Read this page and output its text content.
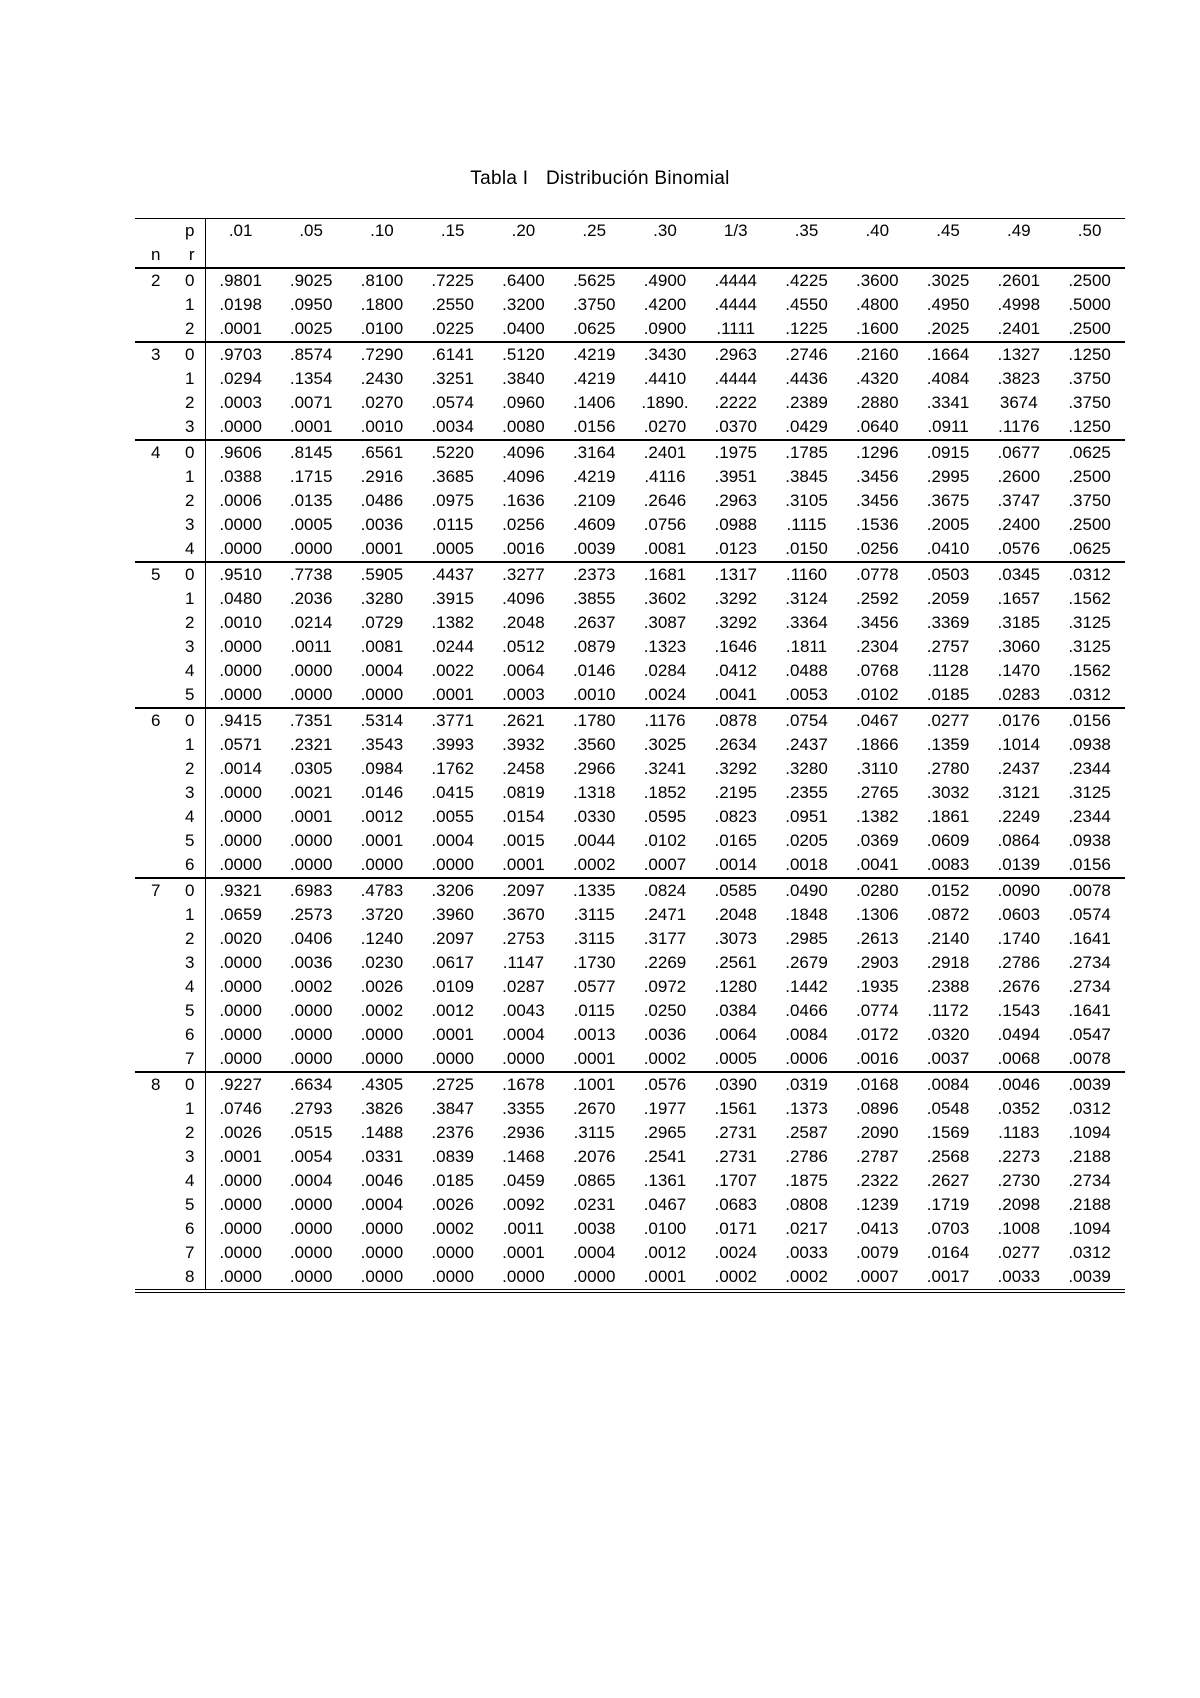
Tabla I Distribución Binomial
	p	.01	.05	.10	.15	.20	.25	.30	1/3	.35	.40	.45	.49	.50
n	r													
2	0	.9801	.9025	.8100	.7225	.6400	.5625	.4900	.4444	.4225	.3600	.3025	.2601	.2500
	1	.0198	.0950	.1800	.2550	.3200	.3750	.4200	.4444	.4550	.4800	.4950	.4998	.5000
	2	.0001	.0025	.0100	.0225	.0400	.0625	.0900	.1111	.1225	.1600	.2025	.2401	.2500
3	0	.9703	.8574	.7290	.6141	.5120	.4219	.3430	.2963	.2746	.2160	.1664	.1327	.1250
	1	.0294	.1354	.2430	.3251	.3840	.4219	.4410	.4444	.4436	.4320	.4084	.3823	.3750
	2	.0003	.0071	.0270	.0574	.0960	.1406	.1890.	.2222	.2389	.2880	.3341	3674	.3750
	3	.0000	.0001	.0010	.0034	.0080	.0156	.0270	.0370	.0429	.0640	.0911	.1176	.1250
4	0	.9606	.8145	.6561	.5220	.4096	.3164	.2401	.1975	.1785	.1296	.0915	.0677	.0625
	1	.0388	.1715	.2916	.3685	.4096	.4219	.4116	.3951	.3845	.3456	.2995	.2600	.2500
	2	.0006	.0135	.0486	.0975	.1636	.2109	.2646	.2963	.3105	.3456	.3675	.3747	.3750
	3	.0000	.0005	.0036	.0115	.0256	.4609	.0756	.0988	.1115	.1536	.2005	.2400	.2500
	4	.0000	.0000	.0001	.0005	.0016	.0039	.0081	.0123	.0150	.0256	.0410	.0576	.0625
5	0	.9510	.7738	.5905	.4437	.3277	.2373	.1681	.1317	.1160	.0778	.0503	.0345	.0312
	1	.0480	.2036	.3280	.3915	.4096	.3855	.3602	.3292	.3124	.2592	.2059	.1657	.1562
	2	.0010	.0214	.0729	.1382	.2048	.2637	.3087	.3292	.3364	.3456	.3369	.3185	.3125
	3	.0000	.0011	.0081	.0244	.0512	.0879	.1323	.1646	.1811	.2304	.2757	.3060	.3125
	4	.0000	.0000	.0004	.0022	.0064	.0146	.0284	.0412	.0488	.0768	.1128	.1470	.1562
	5	.0000	.0000	.0000	.0001	.0003	.0010	.0024	.0041	.0053	.0102	.0185	.0283	.0312
6	0	.9415	.7351	.5314	.3771	.2621	.1780	.1176	.0878	.0754	.0467	.0277	.0176	.0156
	1	.0571	.2321	.3543	.3993	.3932	.3560	.3025	.2634	.2437	.1866	.1359	.1014	.0938
	2	.0014	.0305	.0984	.1762	.2458	.2966	.3241	.3292	.3280	.3110	.2780	.2437	.2344
	3	.0000	.0021	.0146	.0415	.0819	.1318	.1852	.2195	.2355	.2765	.3032	.3121	.3125
	4	.0000	.0001	.0012	.0055	.0154	.0330	.0595	.0823	.0951	.1382	.1861	.2249	.2344
	5	.0000	.0000	.0001	.0004	.0015	.0044	.0102	.0165	.0205	.0369	.0609	.0864	.0938
	6	.0000	.0000	.0000	.0000	.0001	.0002	.0007	.0014	.0018	.0041	.0083	.0139	.0156
7	0	.9321	.6983	.4783	.3206	.2097	.1335	.0824	.0585	.0490	.0280	.0152	.0090	.0078
	1	.0659	.2573	.3720	.3960	.3670	.3115	.2471	.2048	.1848	.1306	.0872	.0603	.0574
	2	.0020	.0406	.1240	.2097	.2753	.3115	.3177	.3073	.2985	.2613	.2140	.1740	.1641
	3	.0000	.0036	.0230	.0617	.1147	.1730	.2269	.2561	.2679	.2903	.2918	.2786	.2734
	4	.0000	.0002	.0026	.0109	.0287	.0577	.0972	.1280	.1442	.1935	.2388	.2676	.2734
	5	.0000	.0000	.0002	.0012	.0043	.0115	.0250	.0384	.0466	.0774	.1172	.1543	.1641
	6	.0000	.0000	.0000	.0001	.0004	.0013	.0036	.0064	.0084	.0172	.0320	.0494	.0547
	7	.0000	.0000	.0000	.0000	.0000	.0001	.0002	.0005	.0006	.0016	.0037	.0068	.0078
8	0	.9227	.6634	.4305	.2725	.1678	.1001	.0576	.0390	.0319	.0168	.0084	.0046	.0039
	1	.0746	.2793	.3826	.3847	.3355	.2670	.1977	.1561	.1373	.0896	.0548	.0352	.0312
	2	.0026	.0515	.1488	.2376	.2936	.3115	.2965	.2731	.2587	.2090	.1569	.1183	.1094
	3	.0001	.0054	.0331	.0839	.1468	.2076	.2541	.2731	.2786	.2787	.2568	.2273	.2188
	4	.0000	.0004	.0046	.0185	.0459	.0865	.1361	.1707	.1875	.2322	.2627	.2730	.2734
	5	.0000	.0000	.0004	.0026	.0092	.0231	.0467	.0683	.0808	.1239	.1719	.2098	.2188
	6	.0000	.0000	.0000	.0002	.0011	.0038	.0100	.0171	.0217	.0413	.0703	.1008	.1094
	7	.0000	.0000	.0000	.0000	.0001	.0004	.0012	.0024	.0033	.0079	.0164	.0277	.0312
	8	.0000	.0000	.0000	.0000	.0000	.0000	.0001	.0002	.0002	.0007	.0017	.0033	.0039
